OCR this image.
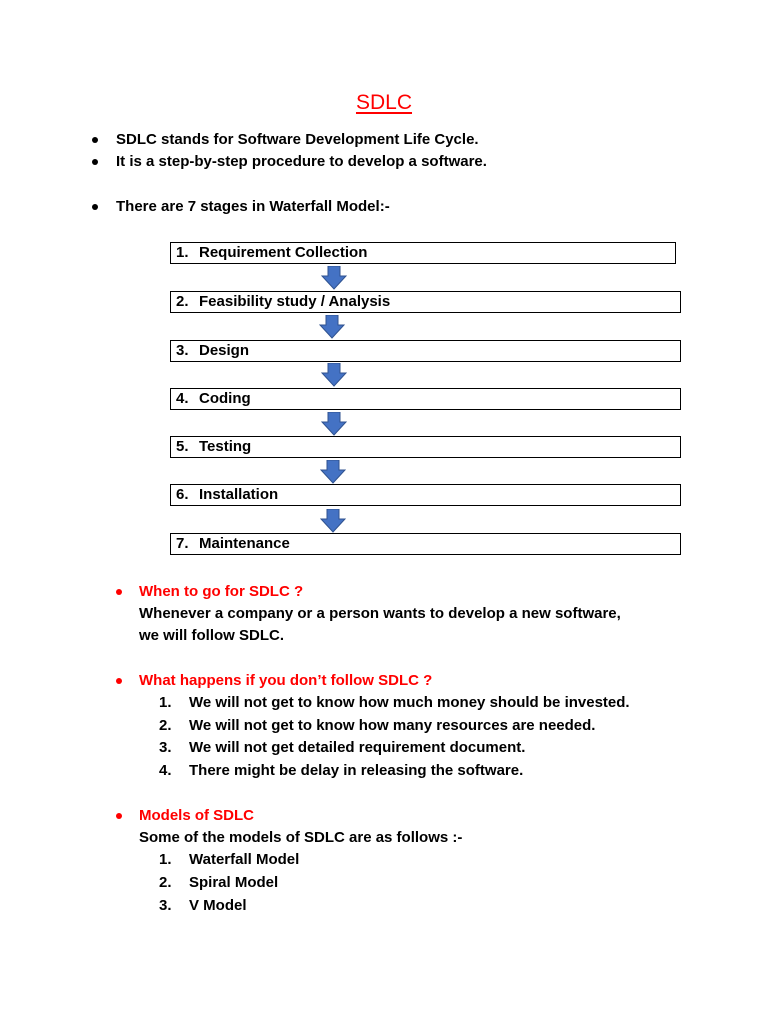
SDLC
SDLC stands for Software Development Life Cycle.
It is a step-by-step procedure to develop a software.
There are 7 stages in Waterfall Model:-
1. Requirement Collection
2. Feasibility study / Analysis
3. Design
4. Coding
5. Testing
6. Installation
7. Maintenance
When to go for SDLC ?
Whenever a company or a person wants to develop a new software,
we will follow SDLC.
What happens if you don’t follow SDLC ?
1. We will not get to know how much money should be invested.
2. We will not get to know how many resources are needed.
3. We will not get detailed requirement document.
4. There might be delay in releasing the software.
Models of SDLC
Some of the models of SDLC are as follows :-
1. Waterfall Model
2. Spiral Model
3. V Model
